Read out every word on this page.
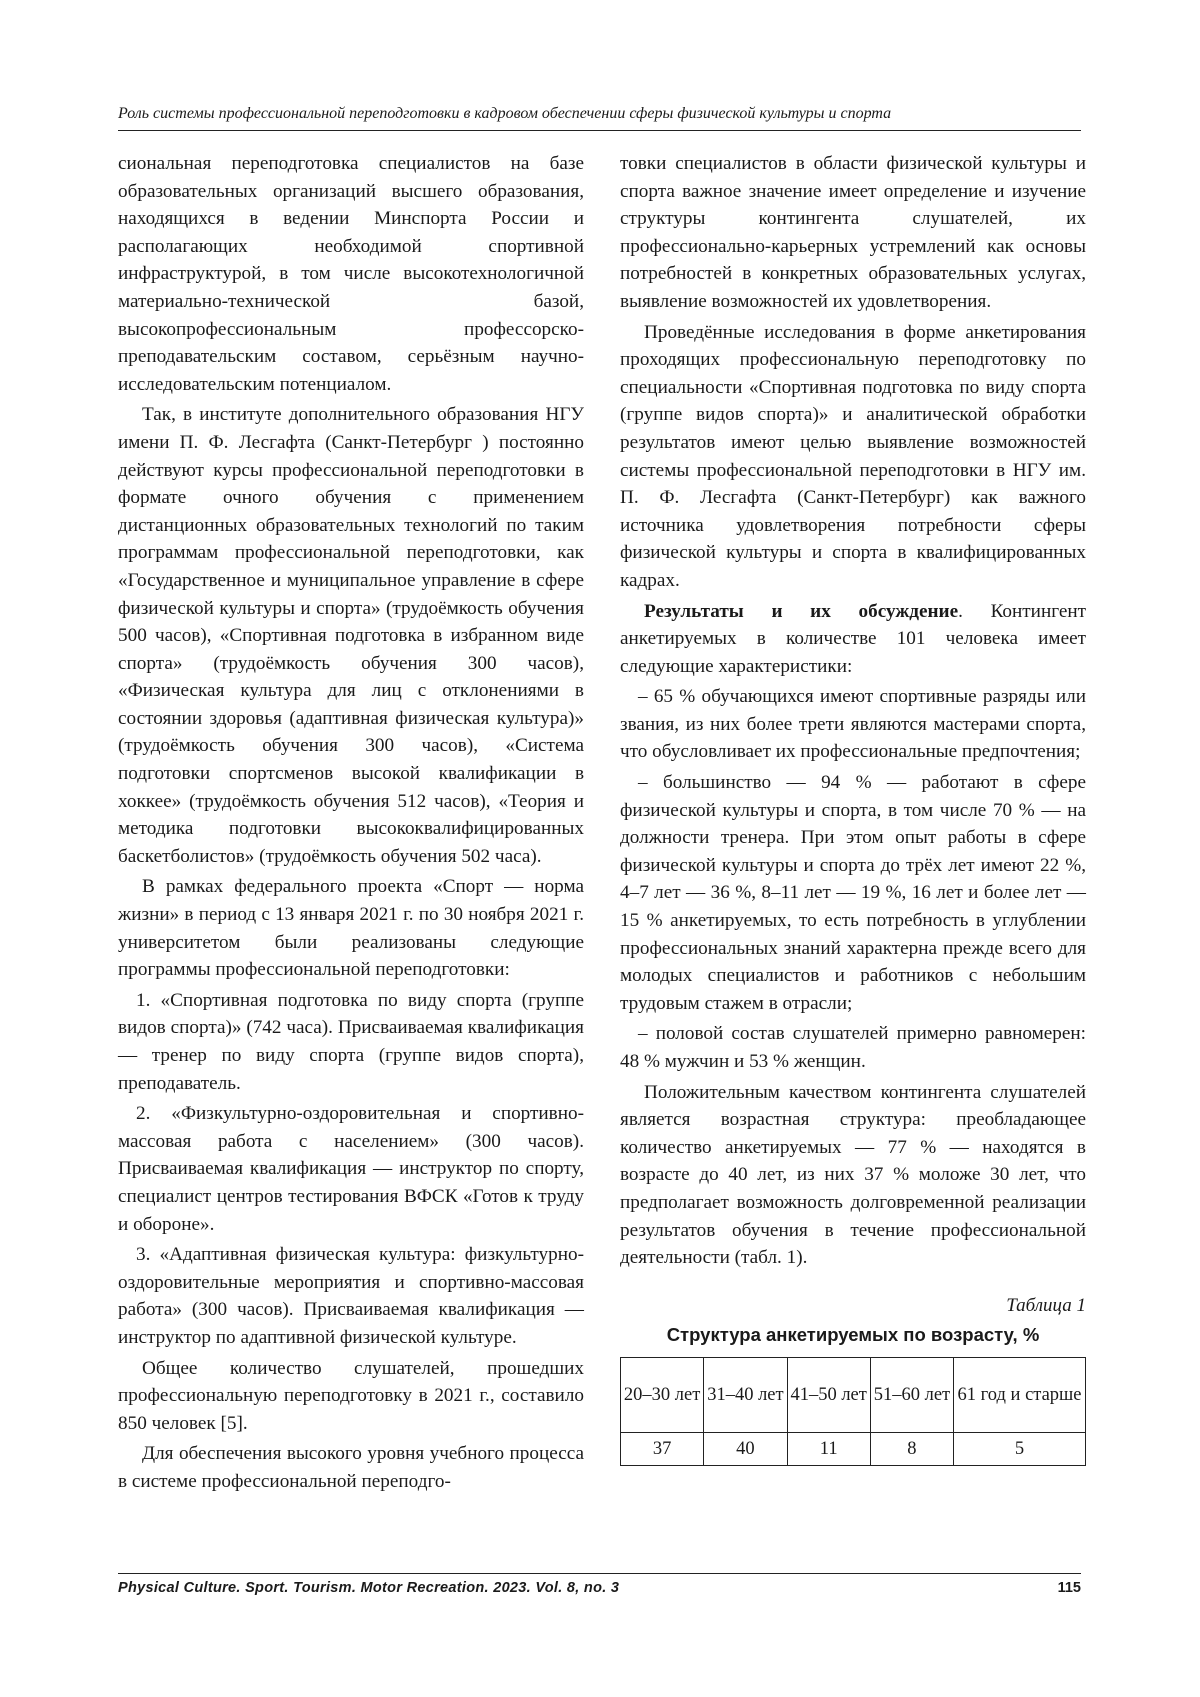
Роль системы профессиональной переподготовки в кадровом обеспечении сферы физической культуры и спорта

сиональная переподготовка специалистов на базе образовательных организаций высшего образования, находящихся в ведении Минспорта России и располагающих необходимой спортивной инфраструктурой, в том числе высокотехнологичной материально-технической базой, высокопрофессиональным профессорско-преподавательским составом, серьёзным научно-исследовательским потенциалом.

Так, в институте дополнительного образования НГУ имени П. Ф. Лесгафта (Санкт-Петербург ) постоянно действуют курсы профессиональной переподготовки в формате очного обучения с применением дистанционных образовательных технологий по таким программам профессиональной переподготовки, как «Государственное и муниципальное управление в сфере физической культуры и спорта» (трудоёмкость обучения 500 часов), «Спортивная подготовка в избранном виде спорта» (трудоёмкость обучения 300 часов), «Физическая культура для лиц с отклонениями в состоянии здоровья (адаптивная физическая культура)» (трудоёмкость обучения 300 часов), «Система подготовки спортсменов высокой квалификации в хоккее» (трудоёмкость обучения 512 часов), «Теория и методика подготовки высококвалифицированных баскетболистов» (трудоёмкость обучения 502 часа).

В рамках федерального проекта «Спорт — норма жизни» в период с 13 января 2021 г. по 30 ноября 2021 г. университетом были реализованы следующие программы профессиональной переподготовки:

1. «Спортивная подготовка по виду спорта (группе видов спорта)» (742 часа). Присваиваемая квалификация — тренер по виду спорта (группе видов спорта), преподаватель.

2. «Физкультурно-оздоровительная и спортивно-массовая работа с населением» (300 часов). Присваиваемая квалификация — инструктор по спорту, специалист центров тестирования ВФСК «Готов к труду и обороне».

3. «Адаптивная физическая культура: физкультурно-оздоровительные мероприятия и спортивно-массовая работа» (300 часов). Присваиваемая квалификация — инструктор по адаптивной физической культуре.

Общее количество слушателей, прошедших профессиональную переподготовку в 2021 г., составило 850 человек [5].

Для обеспечения высокого уровня учебного процесса в системе профессиональной переподго-

товки специалистов в области физической культуры и спорта важное значение имеет определение и изучение структуры контингента слушателей, их профессионально-карьерных устремлений как основы потребностей в конкретных образовательных услугах, выявление возможностей их удовлетворения.

Проведённые исследования в форме анкетирования проходящих профессиональную переподготовку по специальности «Спортивная подготовка по виду спорта (группе видов спорта)» и аналитической обработки результатов имеют целью выявление возможностей системы профессиональной переподготовки в НГУ им. П. Ф. Лесгафта (Санкт-Петербург) как важного источника удовлетворения потребности сферы физической культуры и спорта в квалифицированных кадрах.

Результаты и их обсуждение. Контингент анкетируемых в количестве 101 человека имеет следующие характеристики:

– 65 % обучающихся имеют спортивные разряды или звания, из них более трети являются мастерами спорта, что обусловливает их профессиональные предпочтения;

– большинство — 94 % — работают в сфере физической культуры и спорта, в том числе 70 % — на должности тренера. При этом опыт работы в сфере физической культуры и спорта до трёх лет имеют 22 %, 4–7 лет — 36 %, 8–11 лет — 19 %, 16 лет и более лет — 15 % анкетируемых, то есть потребность в углублении профессиональных знаний характерна прежде всего для молодых специалистов и работников с небольшим трудовым стажем в отрасли;

– половой состав слушателей примерно равномерен: 48 % мужчин и 53 % женщин.

Положительным качеством контингента слушателей является возрастная структура: преобладающее количество анкетируемых — 77 % — находятся в возрасте до 40 лет, из них 37 % моложе 30 лет, что предполагает возможность долговременной реализации результатов обучения в течение профессиональной деятельности (табл. 1).

Таблица 1
Структура анкетируемых по возрасту, %
20–30 лет	31–40 лет	41–50 лет	51–60 лет	61 год и старше
37	40	11	8	5
Physical Culture. Sport. Tourism. Motor Recreation. 2023. Vol. 8, no. 3	115
